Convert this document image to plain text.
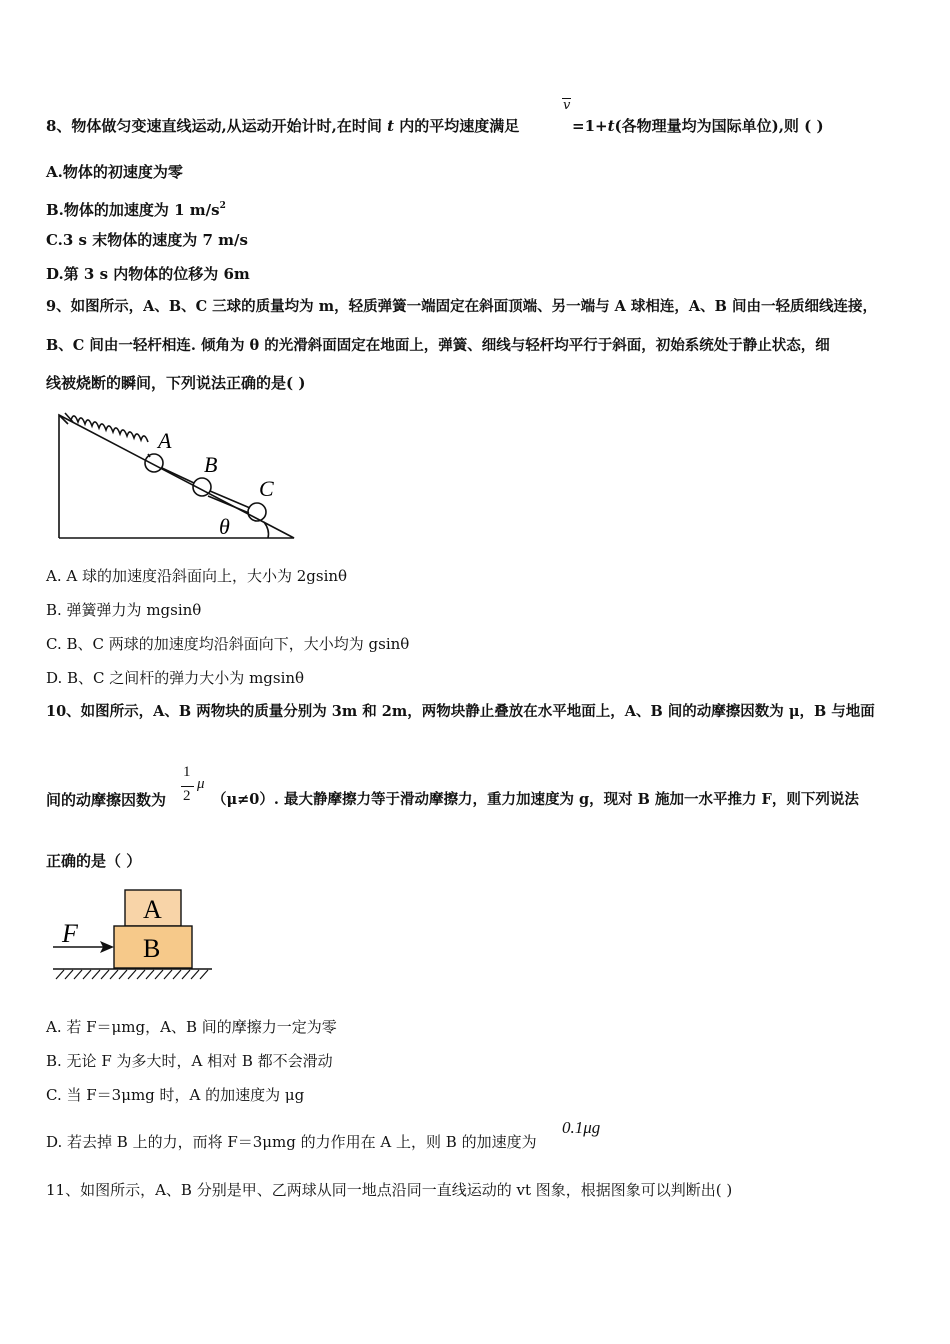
8、物体做匀变速直线运动,从运动开始计时,在时间 t 内的平均速度满足
v
=1+t(各物理量均为国际单位),则 ( )
A.物体的初速度为零
B.物体的加速度为 1 $m/s^2$
C.3 s 末物体的速度为 7 m/s
D.第 3 s 内物体的位移为 6m
9、如图所示，A、B、C 三球的质量均为 m，轻质弹簧一端固定在斜面顶端、另一端与 A 球相连，A、B 间由一轻质细线连接，
B、C 间由一轻杆相连. 倾角为 θ 的光滑斜面固定在地面上，弹簧、细线与轻杆均平行于斜面，初始系统处于静止状态，细
线被烧断的瞬间，下列说法正确的是( )
A
B
C
θ
A. A 球的加速度沿斜面向上，大小为 2gsinθ
B. 弹簧弹力为 mgsinθ
C. B、C 两球的加速度均沿斜面向下，大小均为 gsinθ
D. B、C 之间杆的弹力大小为 mgsinθ
10、如图所示，A、B 两物块的质量分别为 3m 和 2m，两物块静止叠放在水平地面上，A、B 间的动摩擦因数为 μ，B 与地面
间的动摩擦因数为
1
2
μ
（μ≠0）. 最大静摩擦力等于滑动摩擦力，重力加速度为 g，现对 B 施加一水平推力 F，则下列说法
正确的是（ ）
A
B
F
A. 若 F＝μmg，A、B 间的摩擦力一定为零
B. 无论 F 为多大时，A 相对 B 都不会滑动
C. 当 F＝3μmg 时，A 的加速度为 μg
D. 若去掉 B 上的力，而将 F＝3μmg 的力作用在 A 上，则 B 的加速度为
0.1μg
11、如图所示，A、B 分别是甲、乙两球从同一地点沿同一直线运动的 vt 图象，根据图象可以判断出( )
